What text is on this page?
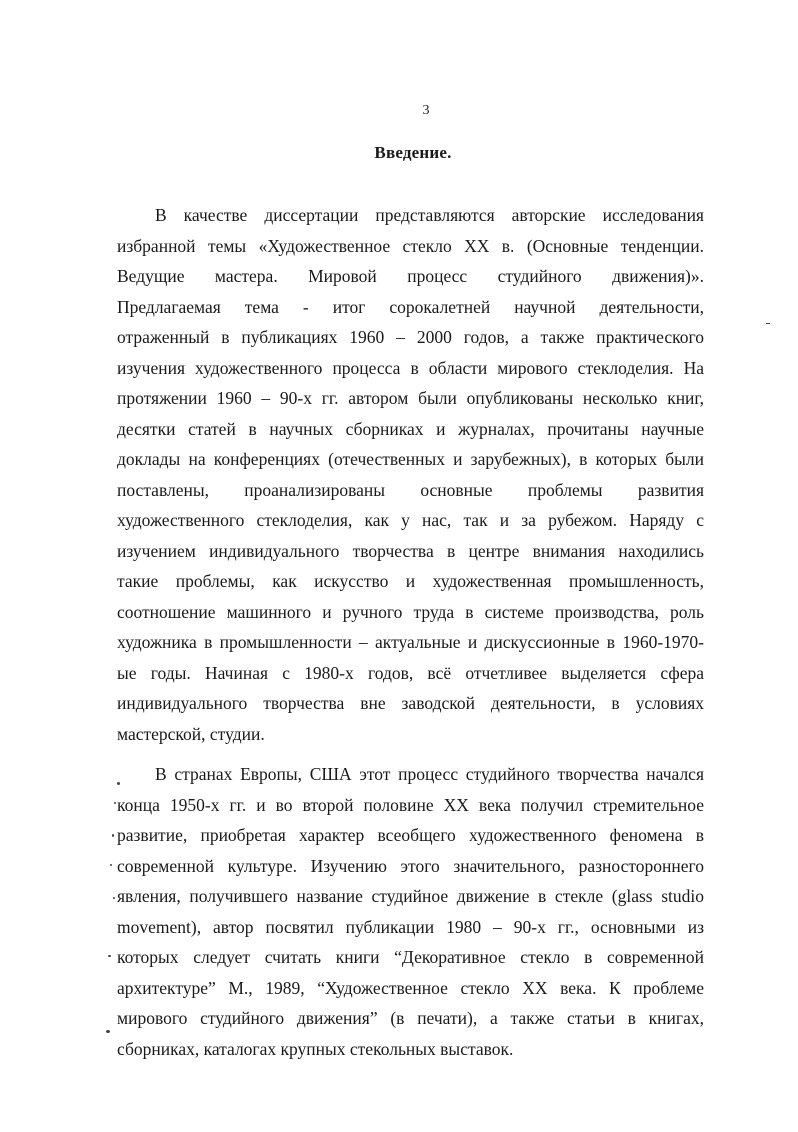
3
Введение.
В качестве диссертации представляются авторские исследования
избранной темы «Художественное стекло XX в. (Основные тенденции.
Ведущие мастера. Мировой процесс студийного движения)».
Предлагаемая тема - итог сорокалетней научной деятельности,
отраженный в публикациях 1960 – 2000 годов, а также практического
изучения художественного процесса в области мирового стеклоделия. На
протяжении 1960 – 90-х гг. автором были опубликованы несколько книг,
десятки статей в научных сборниках и журналах, прочитаны научные
доклады на конференциях (отечественных и зарубежных), в которых были
поставлены, проанализированы основные проблемы развития
художественного стеклоделия, как у нас, так и за рубежом. Наряду с
изучением индивидуального творчества в центре внимания находились
такие проблемы, как искусство и художественная промышленность,
соотношение машинного и ручного труда в системе производства, роль
художника в промышленности – актуальные и дискуссионные в 1960-1970-
ые годы. Начиная с 1980-х годов, всё отчетливее выделяется сфера
индивидуального творчества вне заводской деятельности, в условиях
мастерской, студии.
В странах Европы, США этот процесс студийного творчества начался
конца 1950-х гг. и во второй половине XX века получил стремительное
развитие, приобретая характер всеобщего художественного феномена в
современной культуре. Изучению этого значительного, разностороннего
явления, получившего название студийное движение в стекле (glass studio
movement), автор посвятил публикации 1980 – 90-х гг., основными из
которых следует считать книги “Декоративное стекло в современной
архитектуре” М., 1989, “Художественное стекло XX века. К проблеме
мирового студийного движения” (в печати), а также статьи в книгах,
сборниках, каталогах крупных стекольных выставок.
